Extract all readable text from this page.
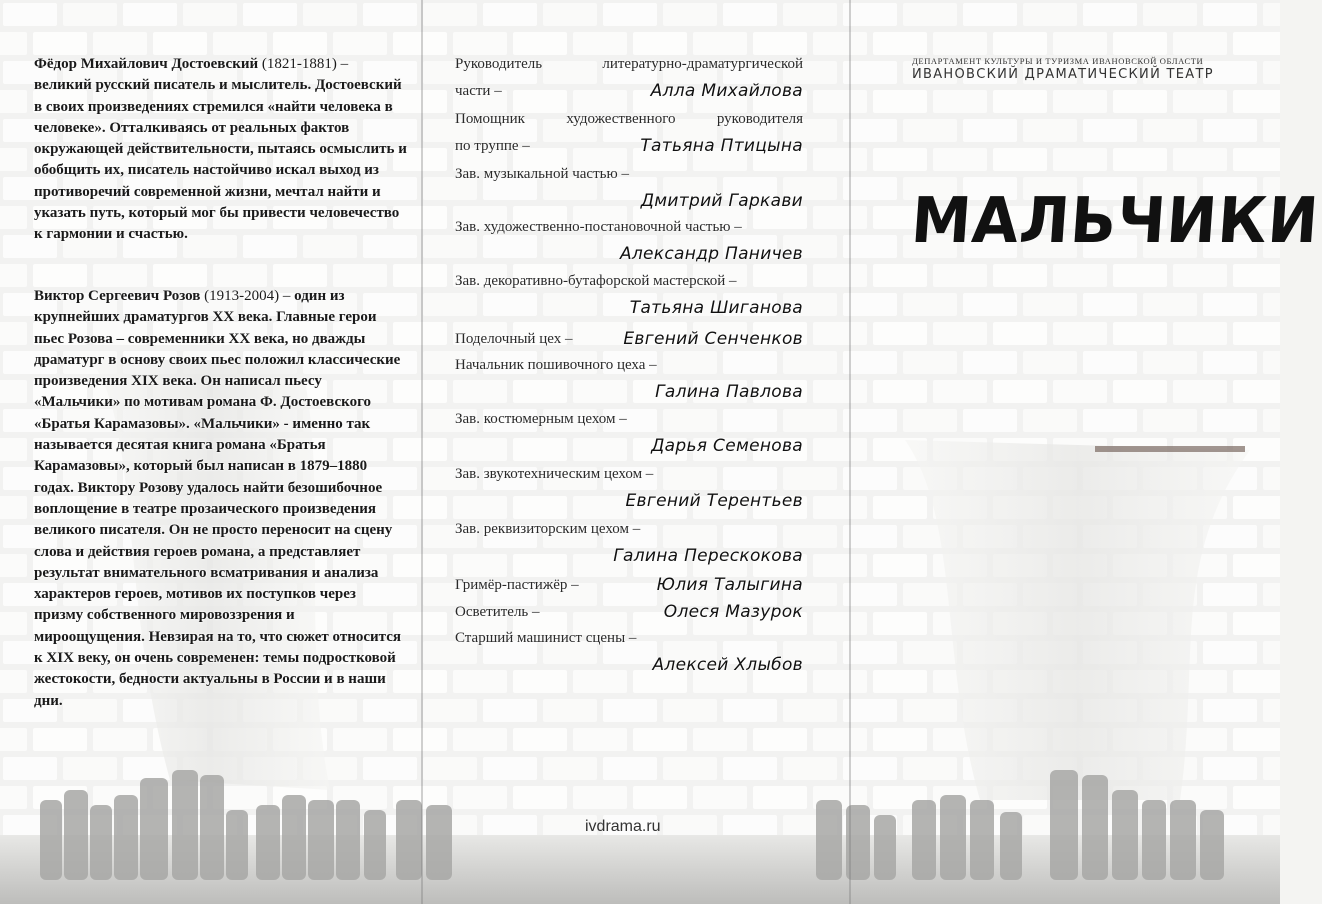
Фёдор Михайлович Достоевский (1821-1881) – великий русский писатель и мыслитель. Достоевский в своих произведениях стремился «найти человека в человеке». Отталкиваясь от реальных фактов окружающей действительности, пытаясь осмыслить и обобщить их, писатель настойчиво искал выход из противоречий современной жизни, мечтал найти и указать путь, который мог бы привести человечество к гармонии и счастью.

Виктор Сергеевич Розов (1913-2004) – один из крупнейших драматургов XX века. Главные герои пьес Розова – современники XX века, но дважды драматург в основу своих пьес положил классические произведения XIX века. Он написал пьесу «Мальчики» по мотивам романа Ф. Достоевского «Братья Карамазовы». «Мальчики» - именно так называется десятая книга романа «Братья Карамазовы», который был написан в 1879–1880 годах. Виктору Розову удалось найти безошибочное воплощение в театре прозаического произведения великого писателя. Он не просто переносит на сцену слова и действия героев романа, а представляет результат внимательного всматривания и анализа характеров героев, мотивов их поступков через призму собственного мировоззрения и мироощущения. Невзирая на то, что сюжет относится к XIX веку, он очень современен: темы подростковой жестокости, бедности актуальны в России и в наши дни.

Руководитель литературно-драматургической
части –	Алла Михайлова
Помощник художественного руководителя
по труппе –	Татьяна Птицына
Зав. музыкальной частью –
Дмитрий Гаркави
Зав. художественно-постановочной частью –
Александр Паничев
Зав. декоративно-бутафорской мастерской –
Татьяна Шиганова
Поделочный цех –	Евгений Сенченков
Начальник пошивочного цеха –
Галина Павлова
Зав. костюмерным цехом –
Дарья Семенова
Зав. звукотехническим цехом –
Евгений Терентьев
Зав. реквизиторским цехом –
Галина Перескокова
Гримёр-пастижёр –	Юлия Талыгина
Осветитель –	Олеся Мазурок
Старший машинист сцены –
Алексей Хлыбов
ivdrama.ru
ДЕПАРТАМЕНТ КУЛЬТУРЫ И ТУРИЗМА ИВАНОВСКОЙ ОБЛАСТИ
ИВАНОВСКИЙ ДРАМАТИЧЕСКИЙ ТЕАТР
МАЛЬЧИКИ
